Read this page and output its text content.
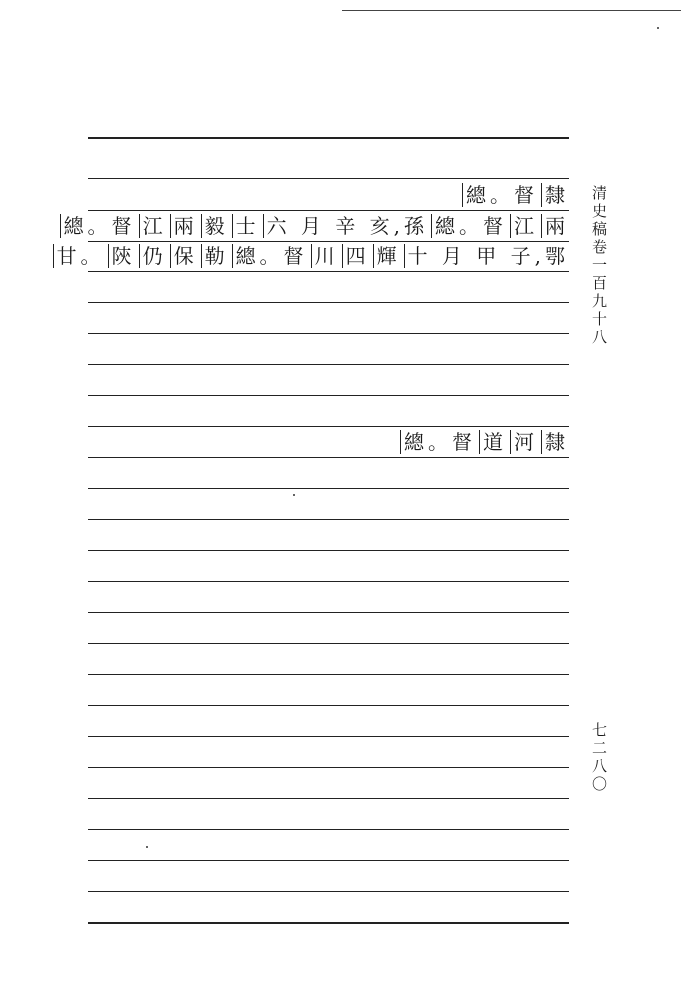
隸
總。督
兩
江
總。督
六 月 辛 亥,孫
士
毅
兩
江
總。督
十 月 甲 子,鄂
輝
四
川
總。督
勒
保
仍
陝
甘。
隸
河
道
總。督
清史稿卷一百九十八
七二八〇
